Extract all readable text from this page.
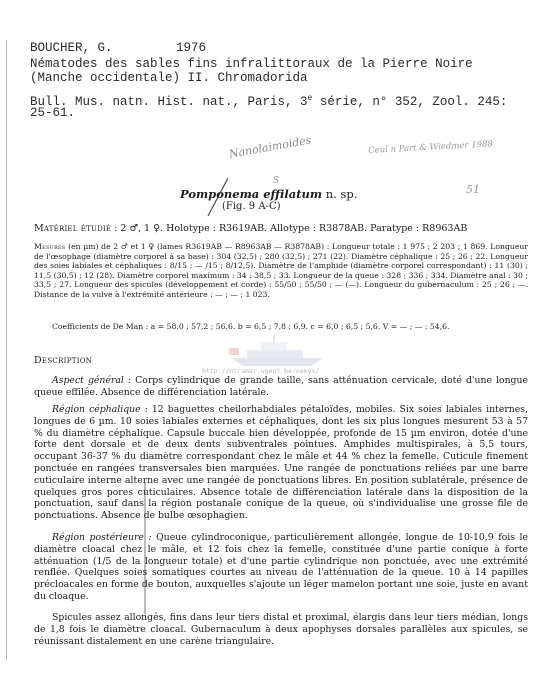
BOUCHER, G.	1976
Nématodes des sables fins infralittoraux de la Pierre Noire
(Manche occidentale) II. Chromadorida
Bull. Mus. natn. Hist. nat., Paris, 3e série, n° 352, Zool. 245:
25-61.
Nanolaimoides	Ceul n Part & Wiedmer 1988
51
S
Pomponema effilatum n. sp.
(Fig. 9 A-C)

Matériel étudié : 2 ♂, 1 ♀. Holotype : R3619AB. Allotype : R3878AB. Paratype : R8963AB

Mesures (en µm) de 2 ♂ et 1 ♀ (lames R3619AB — R8963AB — R3878AB) : Longueur totale : 1 975 ; 2 203 ; 1 869. Longueur de l'œsophage (diamètre corporel à sa base) : 304 (32,5) ; 280 (32,5) ; 271 (22). Diamètre céphalique : 25 ; 26 ; 22. Longueur des soies labiales et céphaliques : 8/15 ; — /15 ; 8/12,5). Diamètre de l'amphide (diamètre corporel correspondant) : 11 (30) ; 11,5 (30,5) ; 12 (28). Diamètre corporel maximum : 34 ; 38,5 ; 33. Longueur de la queue : 328 ; 336 ; 334. Diamètre anal : 30 ; 33,5 ; 27. Longueur des spicules (développement et corde) : 55/50 ; 55/50 ; — (—). Longueur du gubernaculum : 25 ; 26 ; —. Distance de la vulve à l'extrémité antérieure : — ; — ; 1 023.

Coefficients de De Man : a = 58,0 ; 57,2 ; 56,6. b = 6,5 ; 7,8 ; 6,9. c = 6,0 ; 6,5 ; 5,6. V = — ; — ; 54,6.

http://ntramar.ugent.be/nemys/
Description

Aspect général : Corps cylindrique de grande taille, sans atténuation cervicale, doté d'une longue queue effilée. Absence de différenciation latérale.

Région céphalique : 12 baguettes cheilorhabdiales pétaloïdes, mobiles. Six soies labiales internes, longues de 6 µm. 10 soies labiales externes et céphaliques, dont les six plus longues mesurent 53 à 57 % du diamètre céphalique. Capsule buccale bien développée, profonde de 15 µm environ, dotée d'une forte dent dorsale et de deux dents subventrales pointues. Amphides multispirales, à 5,5 tours, occupant 36-37 % du diamètre correspondant chez le mâle et 44 % chez la femelle. Cuticule finement ponctuée en rangées transversales bien marquées. Une rangée de ponctuations reliées par une barre cuticulaire interne alterne avec une rangée de ponctuations libres. En position sublatérale, présence de quelques gros pores cuticulaires. Absence totale de différenciation latérale dans la disposition de la ponctuation, sauf dans la région postanale conique de la queue, où s'individualise une grosse file de ponctuations. Absence de bulbe œsophagien.

Région postérieure : Queue cylindroconique, particulièrement allongée, longue de 10-10,9 fois le diamètre cloacal chez le mâle, et 12 fois chez la femelle, constituée d'une partie conique à forte atténuation (1/5 de la longueur totale) et d'une partie cylindrique non ponctuée, avec une extrémité renflée. Quelques soies somatiques courtes au niveau de l'atténuation de la queue. 10 à 14 papilles précloacales en forme de bouton, auxquelles s'ajoute un léger mamelon portant une soie, juste en avant du cloaque.

Spicules assez allongés, fins dans leur tiers distal et proximal, élargis dans leur tiers médian, longs de 1,8 fois le diamètre cloacal. Gubernaculum à deux apophyses dorsales parallèles aux spicules, se réunissant distalement en une carène triangulaire.
